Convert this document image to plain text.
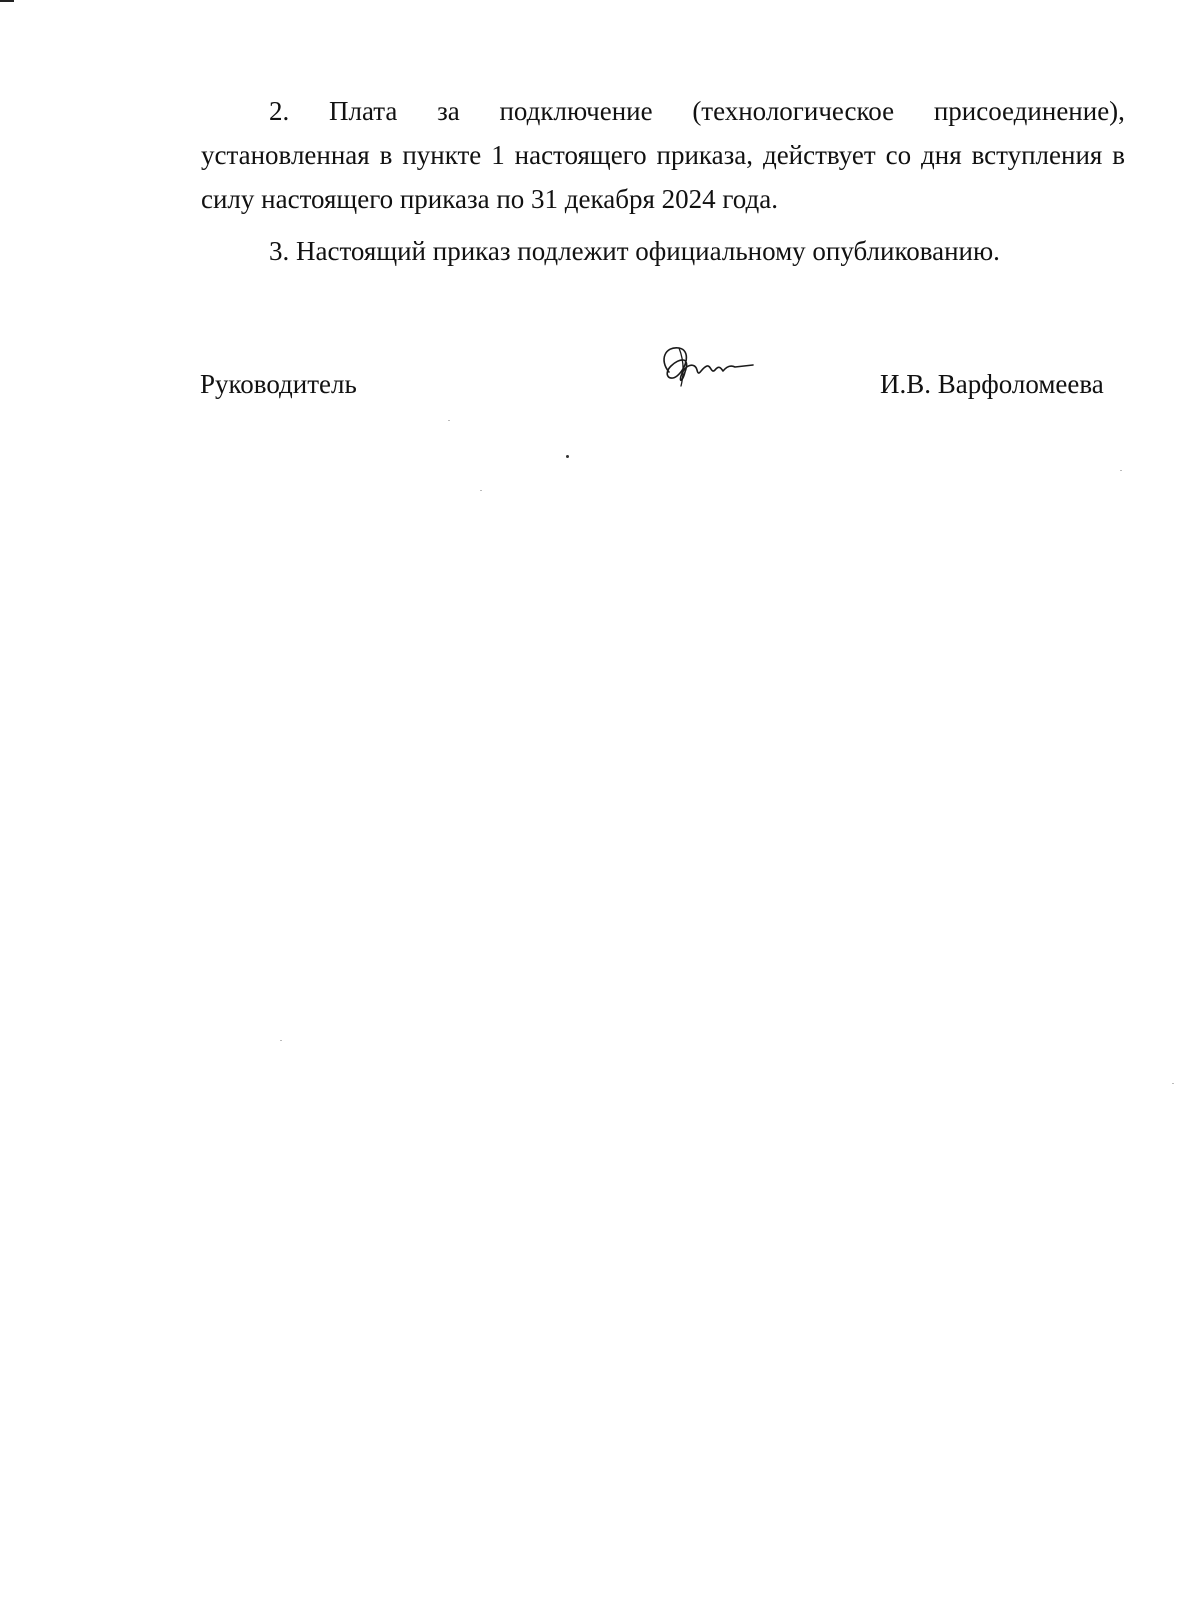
2. Плата за подключение (технологическое присоединение),

установленная в пункте 1 настоящего приказа, действует со дня вступления в силу настоящего приказа по 31 декабря 2024 года.

3. Настоящий приказ подлежит официальному опубликованию.
Руководитель	И.В. Варфоломеева
